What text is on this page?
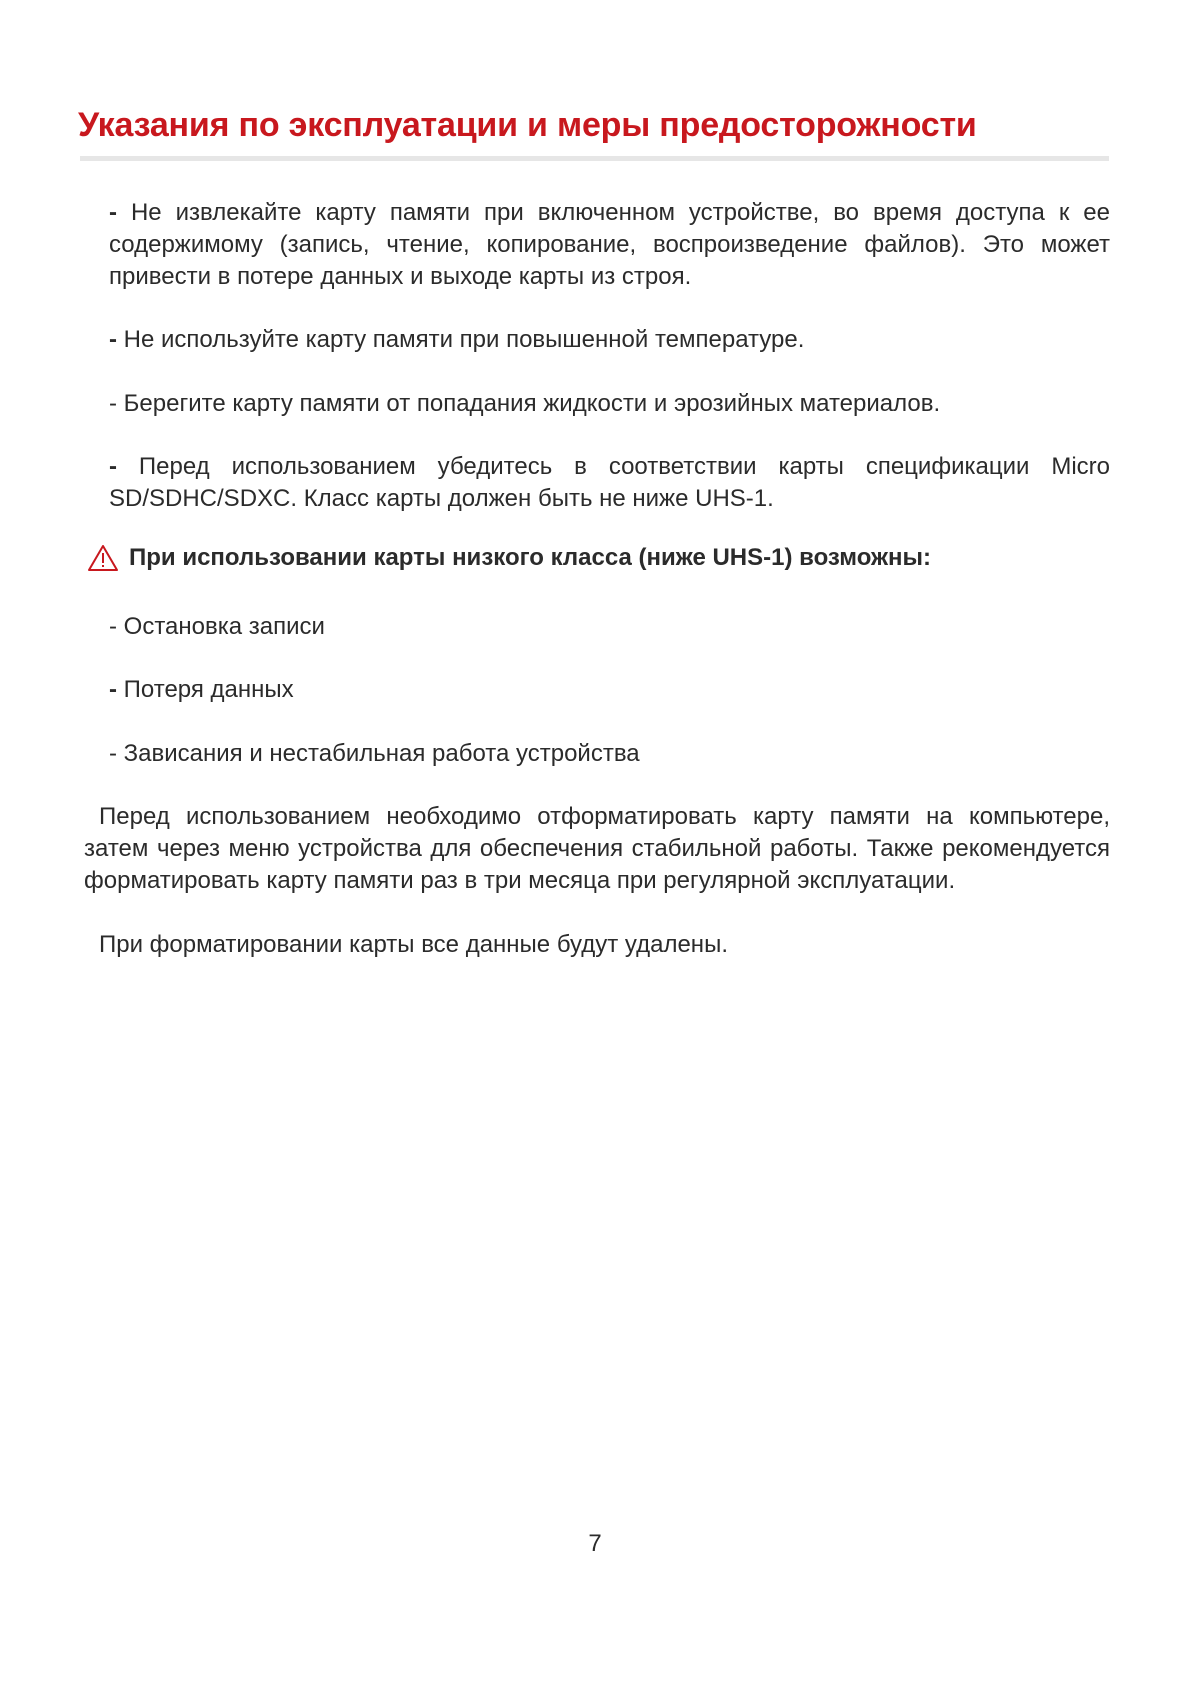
Указания по эксплуатации и меры предосторожности

- Не извлекайте карту памяти при включенном устройстве, во время доступа к ее содержимому (запись, чтение, копирование, воспроизведение файлов). Это может привести в потере данных и выходе карты из строя.

- Не используйте карту памяти при повышенной температуре.

- Берегите карту памяти от попадания жидкости и эрозийных материалов.

- Перед использованием убедитесь в соответствии карты спецификации Micro SD/SDHC/SDXC. Класс карты должен быть не ниже UHS-1.

При использовании карты низкого класса (ниже UHS-1) возможны:

- Остановка записи

- Потеря данных

- Зависания и нестабильная работа устройства

Перед использованием необходимо отформатировать карту памяти на компьютере, затем через меню устройства для обеспечения стабильной работы. Также рекомендуется форматировать карту памяти раз в три месяца при регулярной эксплуатации.

При форматировании карты все данные будут удалены.

7
